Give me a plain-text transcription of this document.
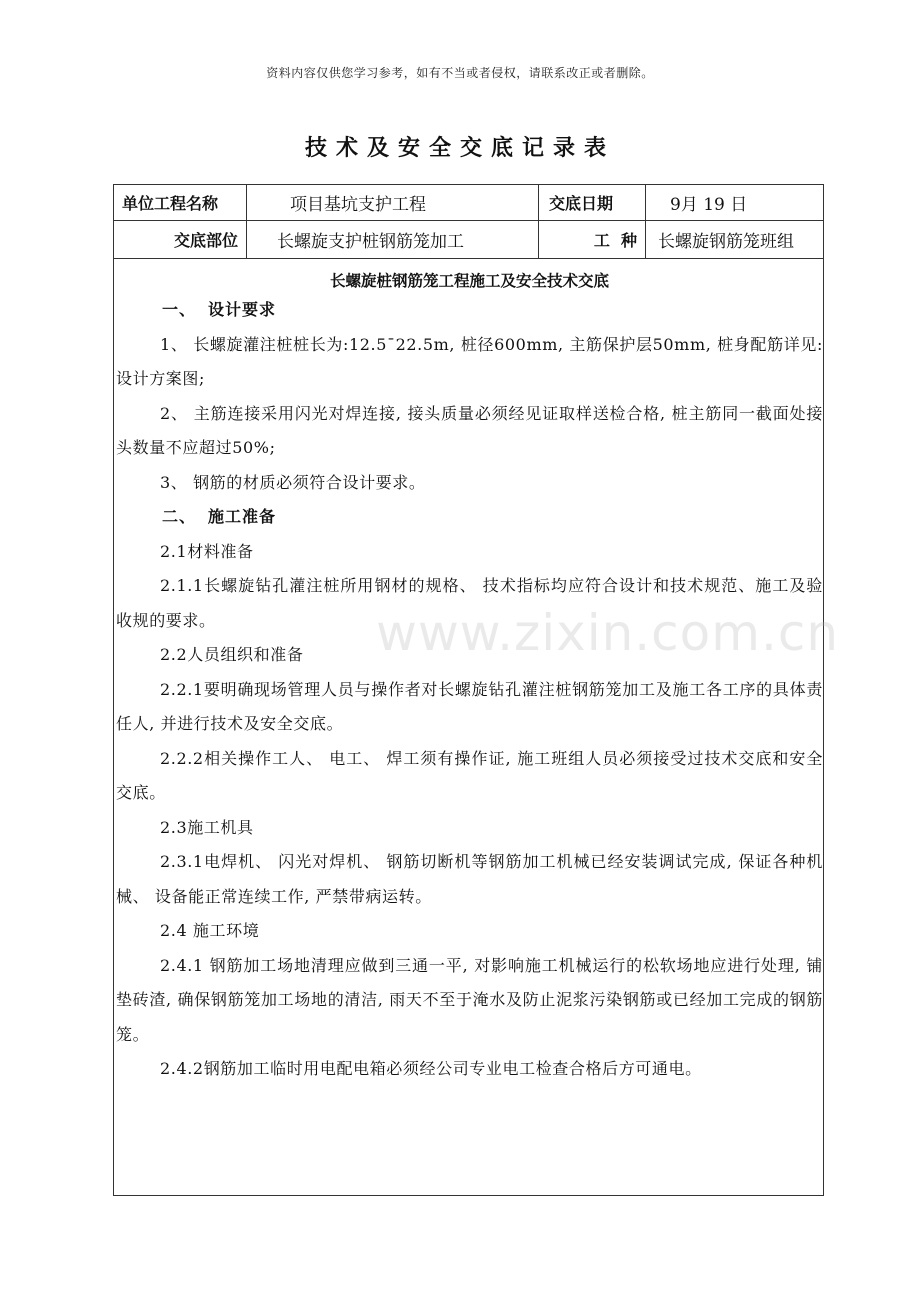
资料内容仅供您学习参考，如有不当或者侵权，请联系改正或者删除。
技术及安全交底记录表
单位工程名称	项目基坑支护工程	交底日期	9月 19 日
交底部位	长螺旋支护桩钢筋笼加工	工  种	长螺旋钢筋笼班组
长螺旋桩钢筋笼工程施工及安全技术交底
一、 设计要求

1、 长螺旋灌注桩桩长为:12.5¯22.5m, 桩径600mm, 主筋保护层50mm, 桩身配筋详见: 设计方案图;

2、 主筋连接采用闪光对焊连接, 接头质量必须经见证取样送检合格, 桩主筋同一截面处接头数量不应超过50%;

3、 钢筋的材质必须符合设计要求。

二、 施工准备

2.1材料准备

2.1.1长螺旋钻孔灌注桩所用钢材的规格、 技术指标均应符合设计和技术规范、施工及验收规的要求。

2.2人员组织和准备

2.2.1要明确现场管理人员与操作者对长螺旋钻孔灌注桩钢筋笼加工及施工各工序的具体责任人, 并进行技术及安全交底。

2.2.2相关操作工人、 电工、 焊工须有操作证, 施工班组人员必须接受过技术交底和安全交底。

2.3施工机具

2.3.1电焊机、 闪光对焊机、 钢筋切断机等钢筋加工机械已经安装调试完成, 保证各种机械、 设备能正常连续工作, 严禁带病运转。

2.4 施工环境

2.4.1 钢筋加工场地清理应做到三通一平, 对影响施工机械运行的松软场地应进行处理, 铺垫砖渣, 确保钢筋笼加工场地的清洁, 雨天不至于淹水及防止泥浆污染钢筋或已经加工完成的钢筋笼。

2.4.2钢筋加工临时用电配电箱必须经公司专业电工检查合格后方可通电。

www.zixin.com.cn
